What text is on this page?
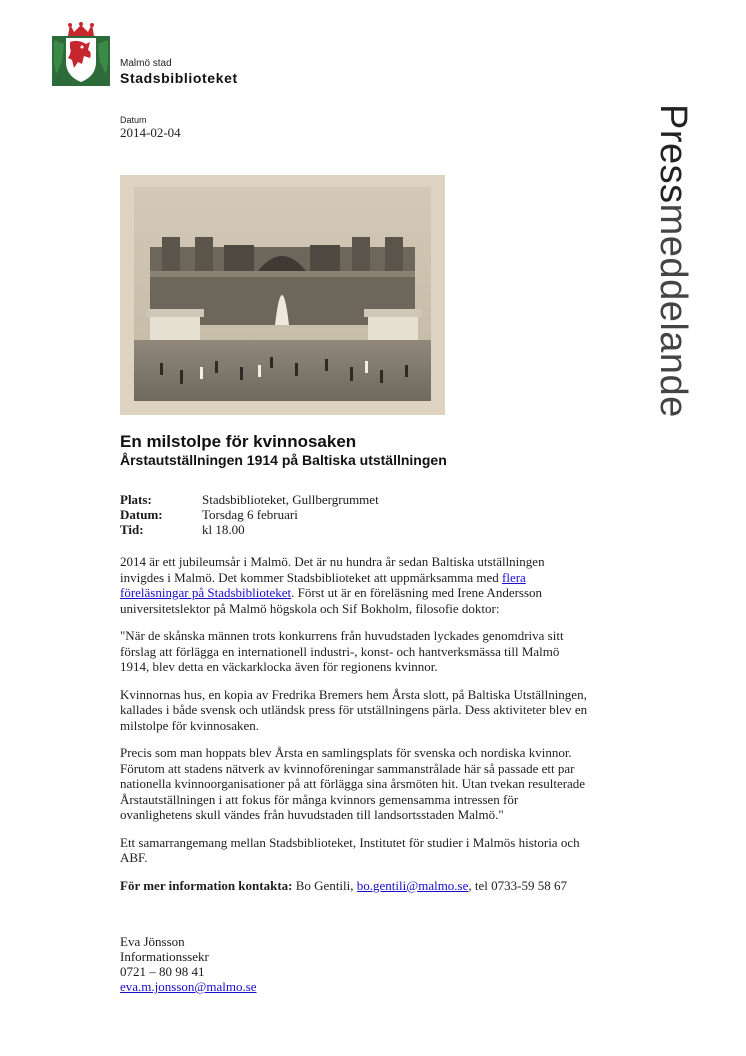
Malmö stad
Stadsbiblioteket
Datum
2014-02-04	Pressmeddelande
En milstolpe för kvinnosaken
Årstautställningen 1914 på Baltiska utställningen
Plats:	Stadsbiblioteket, Gullbergrummet
Datum:	Torsdag 6 februari
Tid:	kl 18.00

2014 är ett jubileumsår i Malmö. Det är nu hundra år sedan Baltiska utställningen invigdes i Malmö. Det kommer Stadsbiblioteket att uppmärksamma med flera föreläsningar på Stadsbiblioteket. Först ut är en föreläsning med Irene Andersson universitetslektor på Malmö högskola och Sif Bokholm, filosofie doktor:

"När de skånska männen trots konkurrens från huvudstaden lyckades genomdriva sitt förslag att förlägga en internationell industri-, konst- och hantverksmässa till Malmö 1914, blev detta en väckarklocka även för regionens kvinnor.

Kvinnornas hus, en kopia av Fredrika Bremers hem Årsta slott, på Baltiska Utställningen, kallades i både svensk och utländsk press för utställningens pärla. Dess aktiviteter blev en milstolpe för kvinnosaken.

Precis som man hoppats blev Årsta en samlingsplats för svenska och nordiska kvinnor.

Förutom att stadens nätverk av kvinnoföreningar sammanstrålade här så passade ett par nationella kvinnoorganisationer på att förlägga sina årsmöten hit. Utan tvekan resulterade Årstautställningen i att fokus för många kvinnors gemensamma intressen för ovanlighetens skull vändes från huvudstaden till landsortsstaden Malmö."

Ett samarrangemang mellan Stadsbiblioteket, Institutet för studier i Malmös historia och ABF.

För mer information kontakta: Bo Gentili, bo.gentili@malmo.se, tel 0733-59 58 67

Eva Jönsson
Informationssekr
0721 – 80 98 41
eva.m.jonsson@malmo.se
